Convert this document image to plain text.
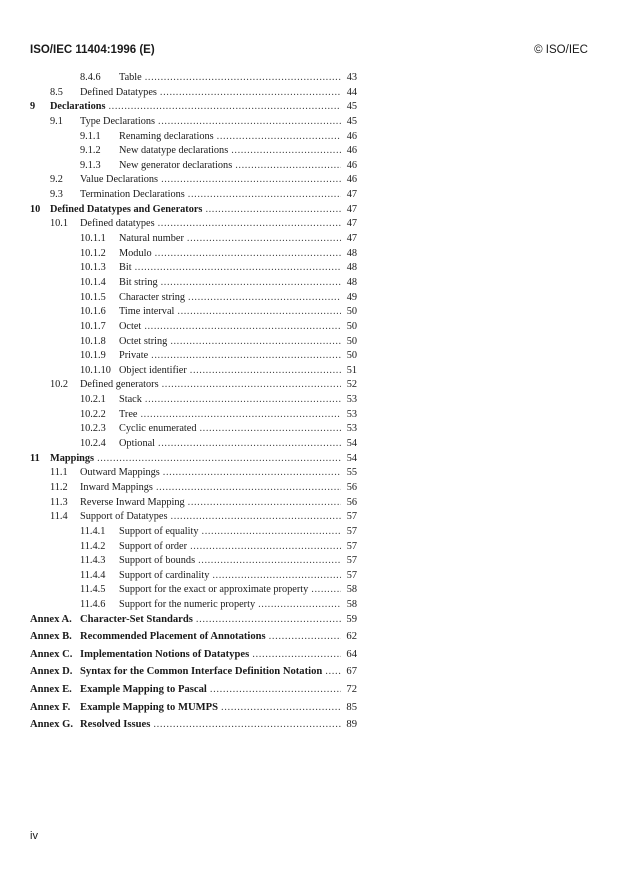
ISO/IEC 11404:1996 (E)	© ISO/IEC
8.4.6 Table .....	43
8.5 Defined Datatypes .....	44
9 Declarations .....	45
9.1 Type Declarations .....	45
9.1.1 Renaming declarations .....	46
9.1.2 New datatype declarations .....	46
9.1.3 New generator declarations .....	46
9.2 Value Declarations .....	46
9.3 Termination Declarations .....	47
10 Defined Datatypes and Generators .....	47
10.1 Defined datatypes .....	47
10.1.1 Natural number .....	47
10.1.2 Modulo .....	48
10.1.3 Bit .....	48
10.1.4 Bit string .....	48
10.1.5 Character string .....	49
10.1.6 Time interval .....	50
10.1.7 Octet .....	50
10.1.8 Octet string .....	50
10.1.9 Private .....	50
10.1.10 Object identifier .....	51
10.2 Defined generators .....	52
10.2.1 Stack .....	53
10.2.2 Tree .....	53
10.2.3 Cyclic enumerated .....	53
10.2.4 Optional .....	54
11 Mappings .....	54
11.1 Outward Mappings .....	55
11.2 Inward Mappings .....	56
11.3 Reverse Inward Mapping .....	56
11.4 Support of Datatypes .....	57
11.4.1 Support of equality .....	57
11.4.2 Support of order .....	57
11.4.3 Support of bounds .....	57
11.4.4 Support of cardinality .....	57
11.4.5 Support for the exact or approximate property .....	58
11.4.6 Support for the numeric property .....	58
Annex A. Character-Set Standards .....	59
Annex B. Recommended Placement of Annotations .....	62
Annex C. Implementation Notions of Datatypes .....	64
Annex D. Syntax for the Common Interface Definition Notation .....	67
Annex E. Example Mapping to Pascal .....	72
Annex F. Example Mapping to MUMPS .....	85
Annex G. Resolved Issues .....	89
iv
